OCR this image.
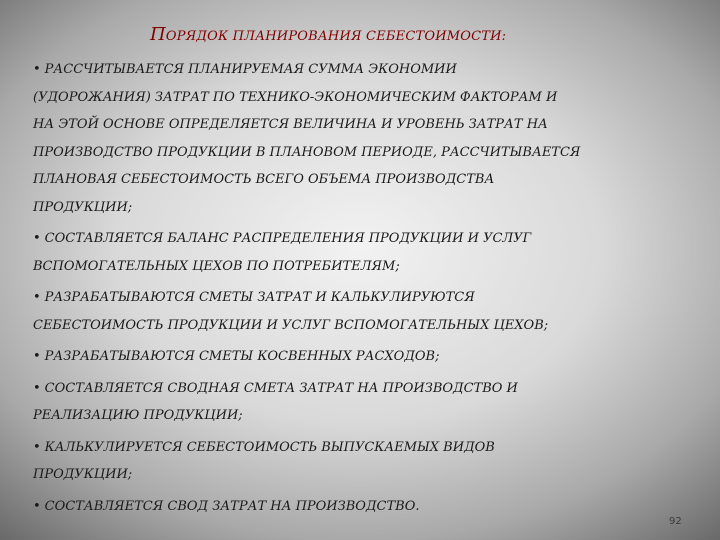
ПОРЯДОК ПЛАНИРОВАНИЯ СЕБЕСТОИМОСТИ:
• РАССЧИТЫВАЕТСЯ ПЛАНИРУЕМАЯ СУММА ЭКОНОМИИ
(УДОРОЖАНИЯ) ЗАТРАТ ПО ТЕХНИКО-ЭКОНОМИЧЕСКИМ ФАКТОРАМ И
НА ЭТОЙ ОСНОВЕ ОПРЕДЕЛЯЕТСЯ ВЕЛИЧИНА И УРОВЕНЬ ЗАТРАТ НА
ПРОИЗВОДСТВО ПРОДУКЦИИ В ПЛАНОВОМ ПЕРИОДЕ, РАССЧИТЫВАЕТСЯ
ПЛАНОВАЯ СЕБЕСТОИМОСТЬ ВСЕГО ОБЪЕМА ПРОИЗВОДСТВА
ПРОДУКЦИИ;
• СОСТАВЛЯЕТСЯ БАЛАНС РАСПРЕДЕЛЕНИЯ ПРОДУКЦИИ И УСЛУГ
ВСПОМОГАТЕЛЬНЫХ ЦЕХОВ ПО ПОТРЕБИТЕЛЯМ;
• РАЗРАБАТЫВАЮТСЯ СМЕТЫ ЗАТРАТ И КАЛЬКУЛИРУЮТСЯ
СЕБЕСТОИМОСТЬ ПРОДУКЦИИ И УСЛУГ ВСПОМОГАТЕЛЬНЫХ ЦЕХОВ;
• РАЗРАБАТЫВАЮТСЯ СМЕТЫ КОСВЕННЫХ РАСХОДОВ;
• СОСТАВЛЯЕТСЯ СВОДНАЯ СМЕТА ЗАТРАТ НА ПРОИЗВОДСТВО И
РЕАЛИЗАЦИЮ ПРОДУКЦИИ;
• КАЛЬКУЛИРУЕТСЯ СЕБЕСТОИМОСТЬ ВЫПУСКАЕМЫХ ВИДОВ
ПРОДУКЦИИ;
• СОСТАВЛЯЕТСЯ СВОД ЗАТРАТ НА ПРОИЗВОДСТВО.
92
